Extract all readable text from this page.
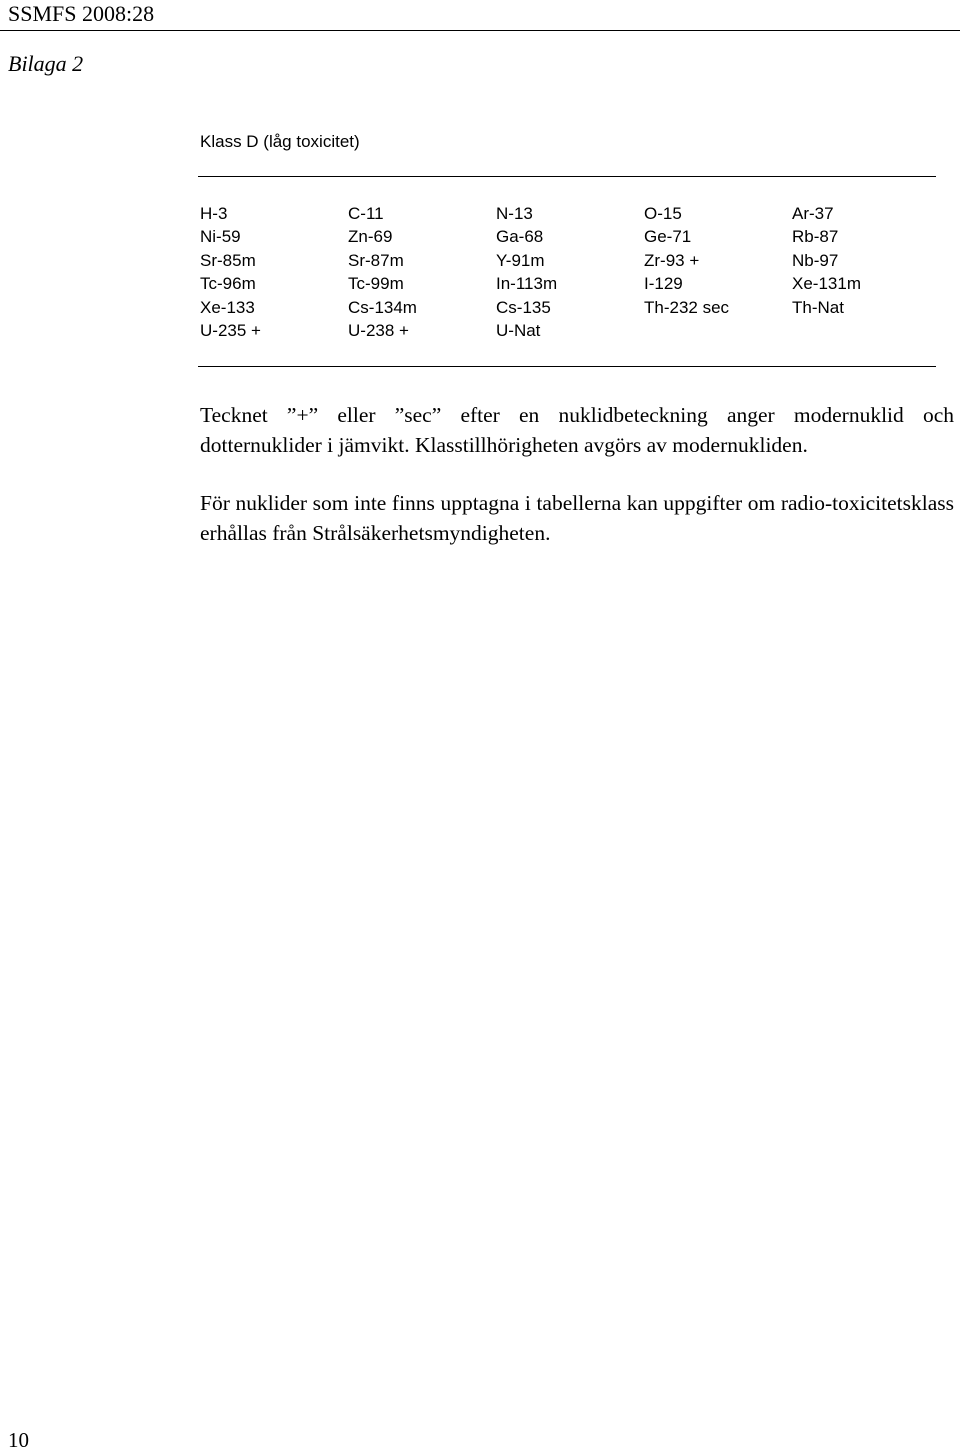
SSMFS 2008:28
Bilaga 2
Klass D (låg toxicitet)
H-3	C-11	N-13	O-15	Ar-37
Ni-59	Zn-69	Ga-68	Ge-71	Rb-87
Sr-85m	Sr-87m	Y-91m	Zr-93 +	Nb-97
Tc-96m	Tc-99m	In-113m	I-129	Xe-131m
Xe-133	Cs-134m	Cs-135	Th-232 sec	Th-Nat
U-235 +	U-238 +	U-Nat		
Tecknet ”+” eller ”sec” efter en nuklidbeteckning anger modernuklid och dotternuklider i jämvikt. Klasstillhörigheten avgörs av modernukliden.
För nuklider som inte finns upptagna i tabellerna kan uppgifter om radio-toxicitetsklass erhållas från Strålsäkerhetsmyndigheten.
10
